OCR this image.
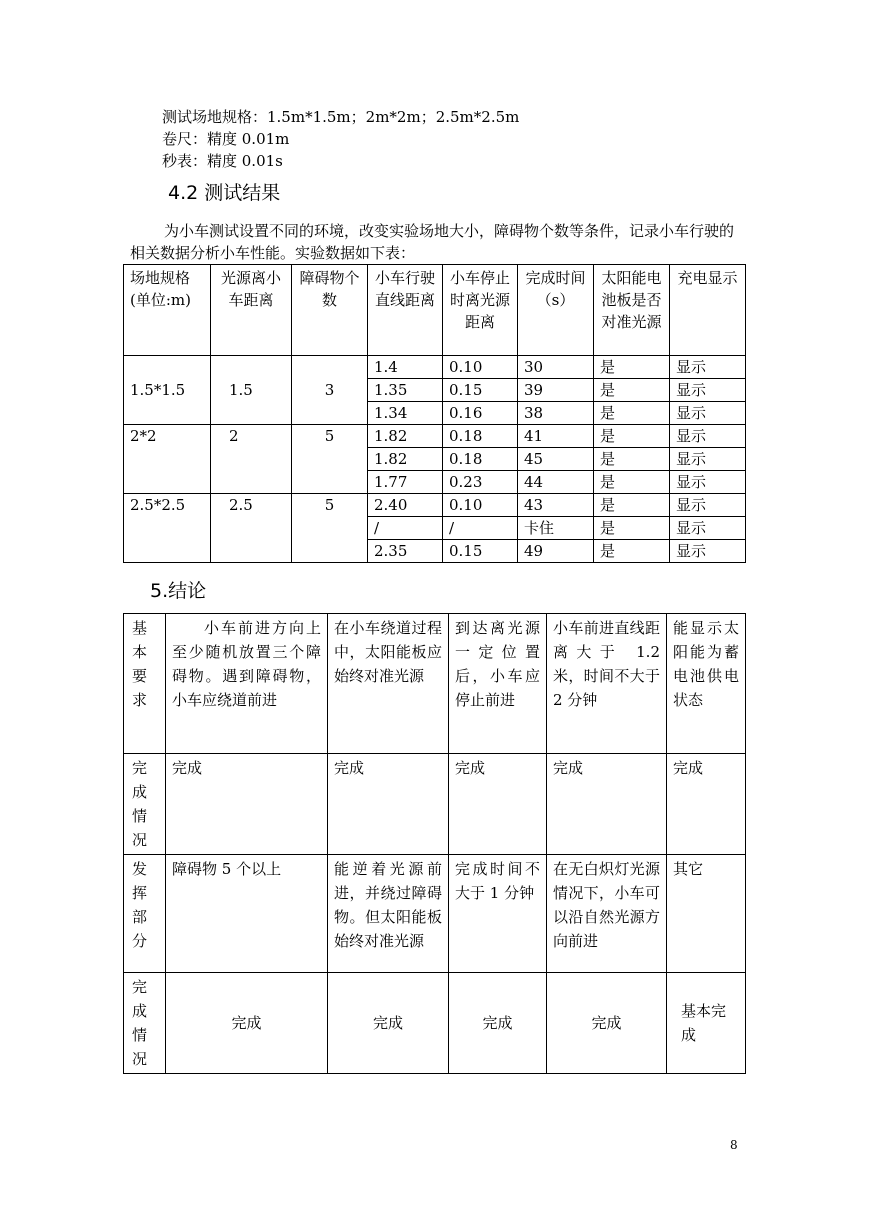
测试场地规格：1.5m*1.5m；2m*2m；2.5m*2.5m
卷尺：精度 0.01m
秒表：精度 0.01s
4.2 测试结果
为小车测试设置不同的环境，改变实验场地大小，障碍物个数等条件，记录小车行驶的相关数据分析小车性能。实验数据如下表：
场地规格(单位:m)	光源离小车距离	障碍物个数	小车行驶直线距离	小车停止时离光源距离	完成时间（s）	太阳能电池板是否对准光源	充电显示
1.5*1.5	1.5	3	1.4	0.10	30	是	显示
			1.35	0.15	39	是	显示
			1.34	0.16	38	是	显示
2*2	2	5	1.82	0.18	41	是	显示
			1.82	0.18	45	是	显示
			1.77	0.23	44	是	显示
2.5*2.5	2.5	5	2.40	0.10	43	是	显示
			/	/	卡住	是	显示
			2.35	0.15	49	是	显示
5.结论
基本要求	小车前进方向上至少随机放置三个障碍物。遇到障碍物，小车应绕道前进	在小车绕道过程中，太阳能板应始终对准光源	到达离光源一定位置后，小车应停止前进	小车前进直线距离大于 1.2 米，时间不大于 2 分钟	能显示太阳能为蓄电池供电状态
完成情况	完成	完成	完成	完成	完成
发挥部分	障碍物 5 个以上	能逆着光源前进，并绕过障碍物。但太阳能板始终对准光源	完成时间不大于 1 分钟	在无白炽灯光源情况下，小车可以沿自然光源方向前进	其它
完成情况	完成	完成	完成	完成	基本完成
8
